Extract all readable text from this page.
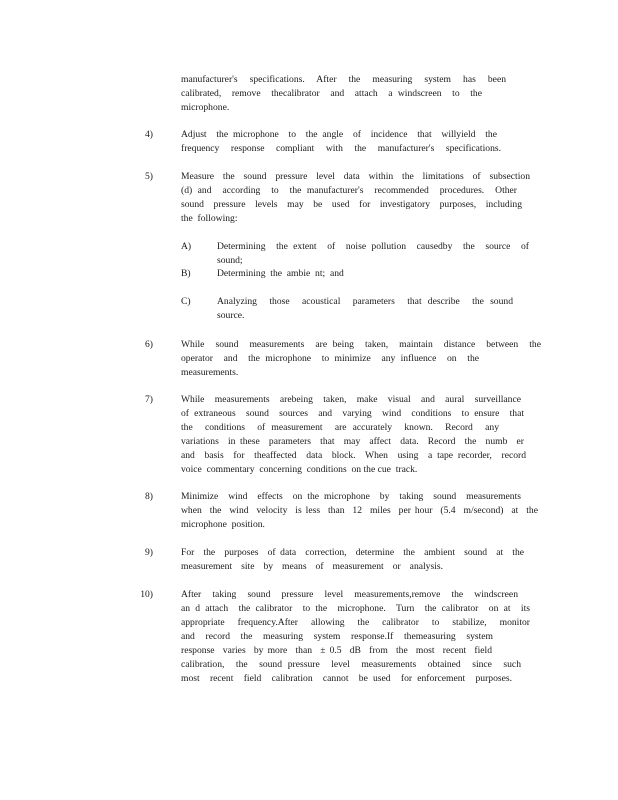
manufacturer's  specifications.  After  the  measuring  system  has  been
calibrated,  remove  thecalibrator  and  attach  a windscreen  to  the
microphone.
4)	Adjust  the microphone  to  the angle  of  incidence  that  willyield  the
frequency  response  compliant  with  the  manufacturer's  specifications.
5)	Measure  the  sound  pressure  level  data  within  the  limitations  of  subsection
(d) and  according  to  the manufacturer's  recommended  procedures.  Other
sound  pressure  levels  may  be  used  for  investigatory  purposes,  including
the  following:
A)	Determining  the extent  of  noise pollution  causedby  the  source  of
sound;
B)	Determining  the  ambie  nt;  and
C)	Analyzing  those  acoustical  parameters  that describe  the sound
source.
6)	While  sound  measurements  are being  taken,  maintain  distance  between  the
operator  and  the microphone  to minimize  any influence  on  the
measurements.
7)	While  measurements  arebeing  taken,  make  visual  and  aural  surveillance
of extraneous  sound  sources  and  varying  wind  conditions  to ensure  that
the  conditions  of measurement  are accurately  known.  Record  any
variations  in these  parameters  that  may  affect  data.  Record  the  numb  er
and  basis  for  theaffected  data  block.  When  using  a tape recorder,  record
voice  commentary  concerning  conditions  on the cue  track.
8)	Minimize  wind  effects  on the microphone  by  taking  sound  measurements
when  the  wind  velocity  is less  than  12  miles  per hour  (5.4  m/second)  at  the
microphone  position.
9)	For  the  purposes  of data  correction,  determine  the  ambient  sound  at  the
measurement  site  by  means  of  measurement  or  analysis.
10)	After  taking  sound  pressure  level  measurements,remove  the  windscreen
an d attach  the calibrator  to the  microphone.  Turn  the calibrator  on at  its
appropriate  frequency.After  allowing  the  calibrator  to  stabilize,  monitor
and  record  the  measuring  system  response.If  themeasuring  system
response  varies  by more  than  ± 0.5  dB  from  the  most  recent  field
calibration,  the  sound pressure  level  measurements  obtained  since  such
most  recent  field  calibration  cannot  be used  for enforcement  purposes.
